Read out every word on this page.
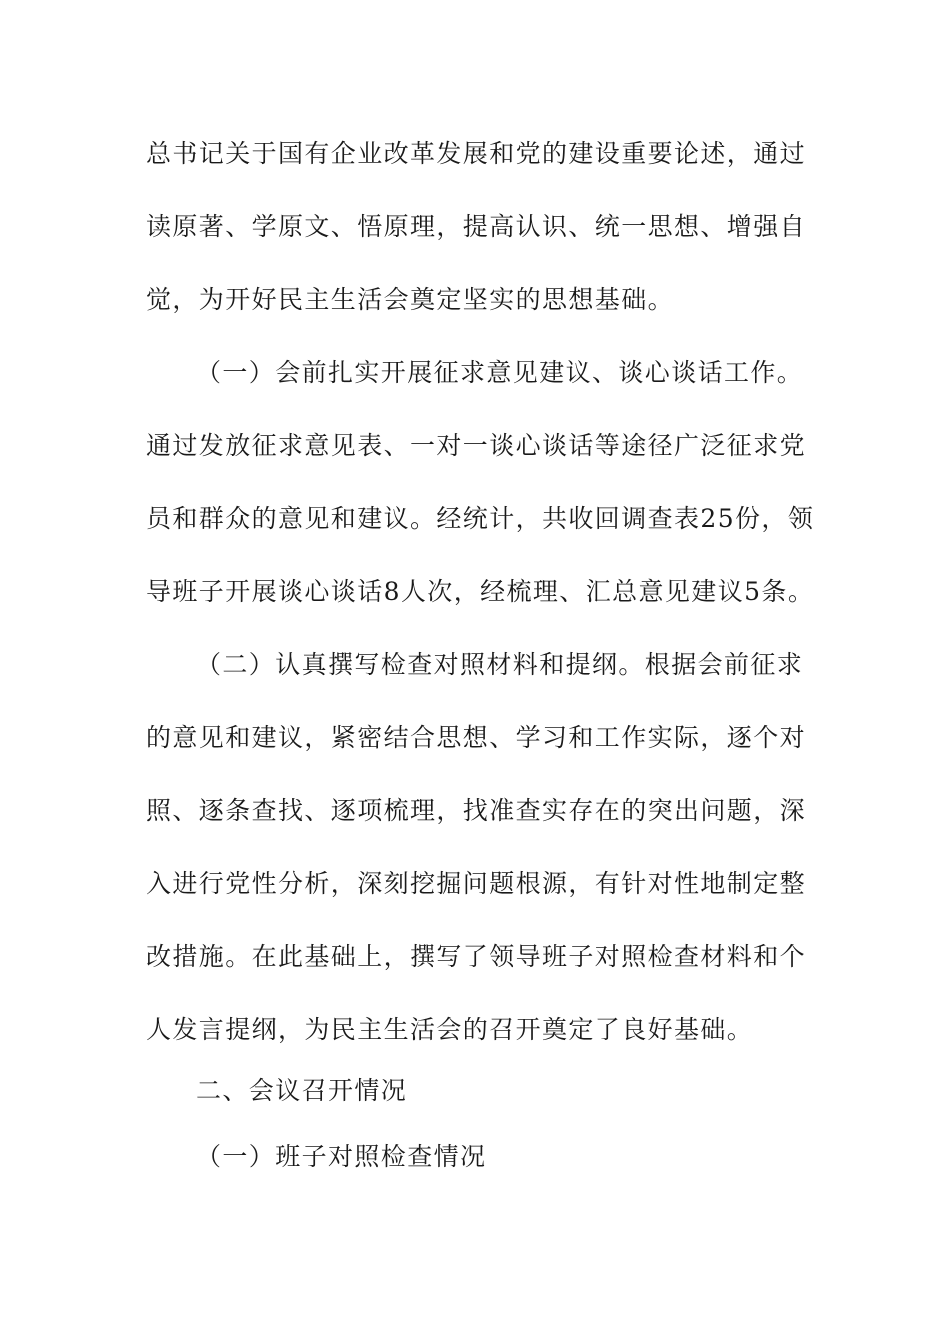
总书记关于国有企业改革发展和党的建设重要论述，通过
读原著、学原文、悟原理，提高认识、统一思想、增强自
觉，为开好民主生活会奠定坚实的思想基础。
（一）会前扎实开展征求意见建议、谈心谈话工作。
通过发放征求意见表、一对一谈心谈话等途径广泛征求党
员和群众的意见和建议。经统计，共收回调查表25份，领
导班子开展谈心谈话8人次，经梳理、汇总意见建议5条。
（二）认真撰写检查对照材料和提纲。根据会前征求
的意见和建议，紧密结合思想、学习和工作实际，逐个对
照、逐条查找、逐项梳理，找准查实存在的突出问题，深
入进行党性分析，深刻挖掘问题根源，有针对性地制定整
改措施。在此基础上，撰写了领导班子对照检查材料和个
人发言提纲，为民主生活会的召开奠定了良好基础。
二、会议召开情况
（一）班子对照检查情况
